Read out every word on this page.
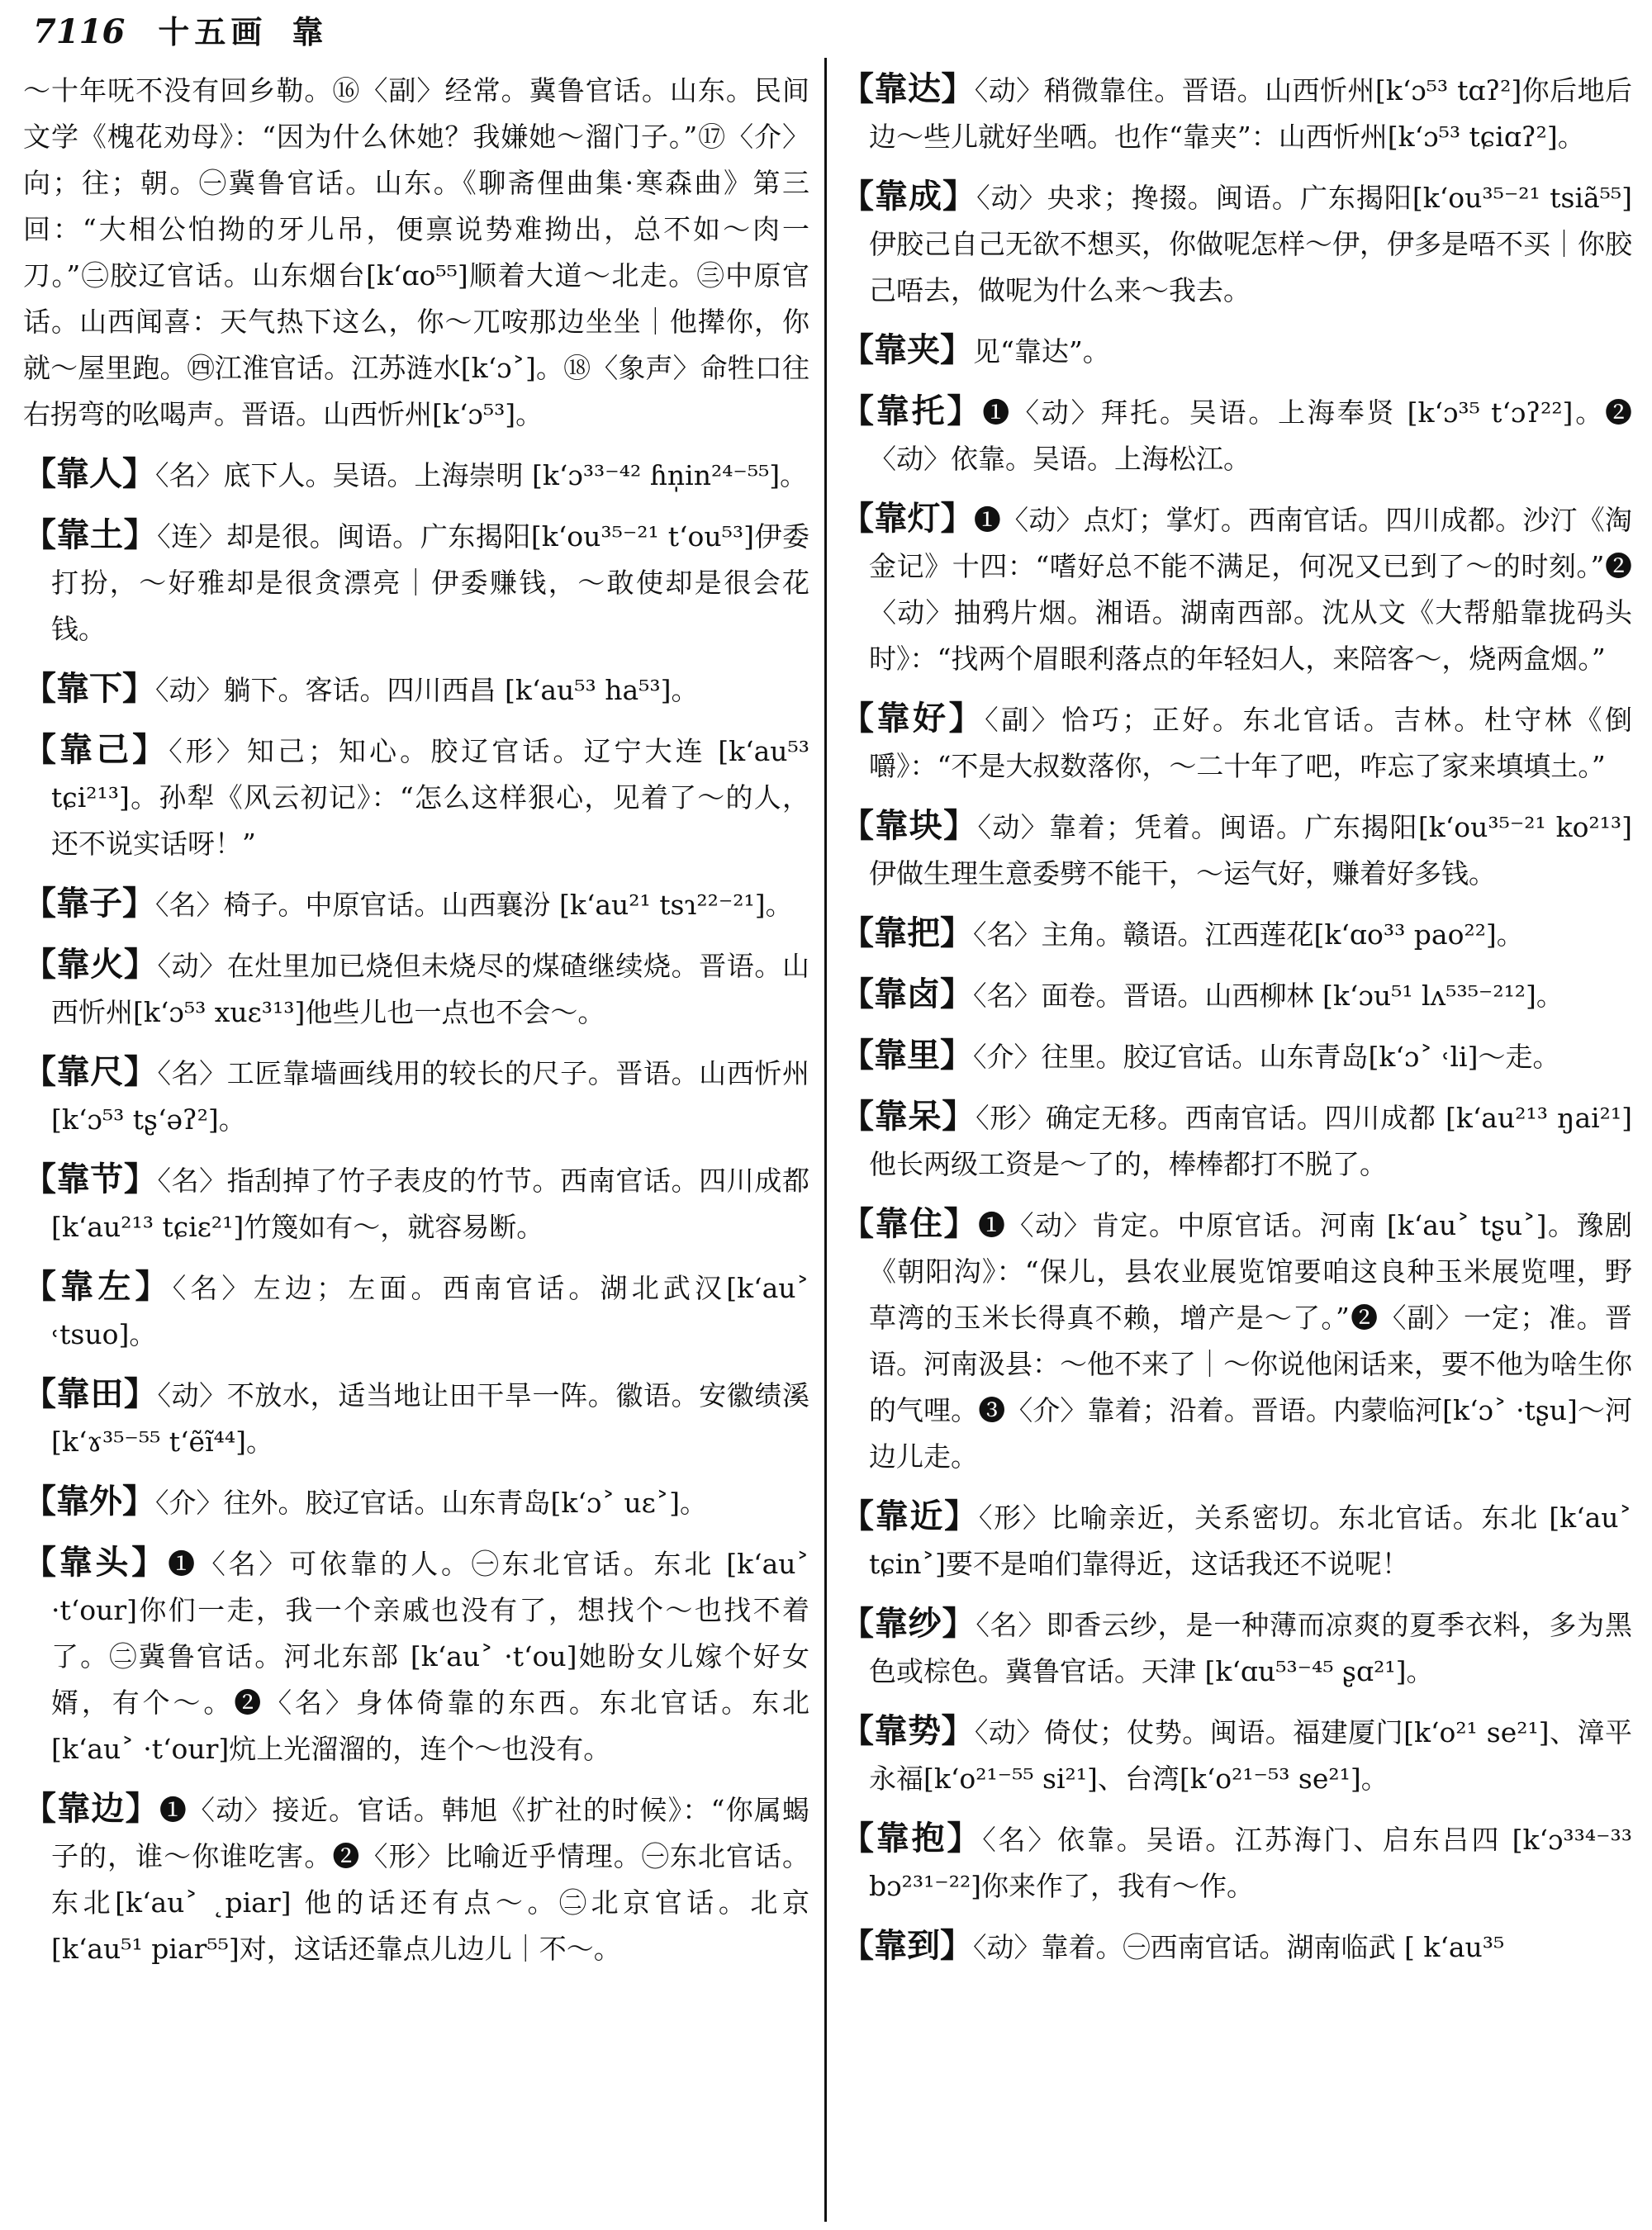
7116 十五画 靠

～十年呒不没有回乡勒。⑯〈副〉经常。冀鲁官话。山东。民间文学《槐花劝母》：“因为什么休她？我嫌她～溜门子。”⑰〈介〉向；往；朝。㊀冀鲁官话。山东。《聊斋俚曲集·寒森曲》第三回：“大相公怕拗的牙儿吊，便禀说势难拗出，总不如～肉一刀。”㊁胶辽官话。山东烟台[k‘ɑo⁵⁵]顺着大道～北走。㊂中原官话。山西闻喜：天气热下这么，你～兀咹那边坐坐｜他撵你，你就～屋里跑。㊃江淮官话。江苏涟水[k‘ɔ˃]。⑱〈象声〉命牲口往右拐弯的吆喝声。晋语。山西忻州[k‘ɔ⁵³]。

【靠人】〈名〉底下人。吴语。上海崇明 [k‘ɔ³³⁻⁴² ɦn̩in²⁴⁻⁵⁵]。

【靠土】〈连〉却是很。闽语。广东揭阳[k‘ou³⁵⁻²¹ t‘ou⁵³]伊委打扮，～好雅却是很贪漂亮｜伊委赚钱，～敢使却是很会花钱。

【靠下】〈动〉躺下。客话。四川西昌 [k‘au⁵³ ha⁵³]。

【靠己】〈形〉知己；知心。胶辽官话。辽宁大连 [k‘au⁵³ tɕi²¹³]。孙犁《风云初记》：“怎么这样狠心，见着了～的人，还不说实话呀！”

【靠子】〈名〉椅子。中原官话。山西襄汾 [k‘au²¹ tsɿ²²⁻²¹]。

【靠火】〈动〉在灶里加已烧但未烧尽的煤碴继续烧。晋语。山西忻州[k‘ɔ⁵³ xuɛ³¹³]他些儿也一点也不会～。

【靠尺】〈名〉工匠靠墙画线用的较长的尺子。晋语。山西忻州[k‘ɔ⁵³ tʂ‘əʔ²]。

【靠节】〈名〉指刮掉了竹子表皮的竹节。西南官话。四川成都[k‘au²¹³ tɕiɛ²¹]竹篾如有～，就容易断。

【靠左】〈名〉左边；左面。西南官话。湖北武汉[k‘au˃ ˓tsuo]。

【靠田】〈动〉不放水，适当地让田干旱一阵。徽语。安徽绩溪 [k‘ɤ³⁵⁻⁵⁵ t‘ẽĩ⁴⁴]。

【靠外】〈介〉往外。胶辽官话。山东青岛[k‘ɔ˃ uɛ˃]。

【靠头】❶〈名〉可依靠的人。㊀东北官话。东北 [k‘au˃ ·t‘our]你们一走，我一个亲戚也没有了，想找个～也找不着了。㊁冀鲁官话。河北东部 [k‘au˃ ·t‘ou]她盼女儿嫁个好女婿，有个～。❷〈名〉身体倚靠的东西。东北官话。东北 [k‘au˃ ·t‘our]炕上光溜溜的，连个～也没有。

【靠边】❶〈动〉接近。官话。韩旭《扩社的时候》：“你属蝎子的，谁～你谁吃害。❷〈形〉比喻近乎情理。㊀东北官话。东北[k‘au˃ ˛piar] 他的话还有点～。㊁北京官话。北京 [k‘au⁵¹ piar⁵⁵]对，这话还靠点儿边儿｜不～。

【靠达】〈动〉稍微靠住。晋语。山西忻州[k‘ɔ⁵³ tɑʔ²]你后地后边～些儿就好坐哂。也作“靠夹”：山西忻州[k‘ɔ⁵³ tɕiɑʔ²]。

【靠成】〈动〉央求；搀掇。闽语。广东揭阳[k‘ou³⁵⁻²¹ tsiã⁵⁵]伊胶己自己无欲不想买，你做呢怎样～伊，伊多是唔不买｜你胶己唔去，做呢为什么来～我去。

【靠夹】见“靠达”。

【靠托】❶〈动〉拜托。吴语。上海奉贤 [k‘ɔ³⁵ t‘ɔʔ²²]。❷〈动〉依靠。吴语。上海松江。

【靠灯】❶〈动〉点灯；掌灯。西南官话。四川成都。沙汀《淘金记》十四：“嗜好总不能不满足，何况又已到了～的时刻。”❷〈动〉抽鸦片烟。湘语。湖南西部。沈从文《大帮船靠拢码头时》：“找两个眉眼利落点的年轻妇人，来陪客～，烧两盒烟。”

【靠好】〈副〉恰巧；正好。东北官话。吉林。杜守林《倒嚼》：“不是大叔数落你，～二十年了吧，咋忘了家来填填土。”

【靠块】〈动〉靠着；凭着。闽语。广东揭阳[k‘ou³⁵⁻²¹ ko²¹³]伊做生理生意委劈不能干，～运气好，赚着好多钱。

【靠把】〈名〉主角。赣语。江西莲花[k‘ɑo³³ pao²²]。

【靠卤】〈名〉面卷。晋语。山西柳林 [k‘ɔu⁵¹ lʌ⁵³⁵⁻²¹²]。

【靠里】〈介〉往里。胶辽官话。山东青岛[k‘ɔ˃ ˓li]～走。

【靠呆】〈形〉确定无移。西南官话。四川成都 [k‘au²¹³ ŋai²¹]他长两级工资是～了的，棒棒都打不脱了。

【靠住】❶〈动〉肯定。中原官话。河南 [k‘au˃ tʂu˃]。豫剧《朝阳沟》：“保儿，县农业展览馆要咱这良种玉米展览哩，野草湾的玉米长得真不赖，增产是～了。”❷〈副〉一定；准。晋语。河南汲县：～他不来了｜～你说他闲话来，要不他为啥生你的气哩。❸〈介〉靠着；沿着。晋语。内蒙临河[k‘ɔ˃ ·tʂu]～河边儿走。

【靠近】〈形〉比喻亲近，关系密切。东北官话。东北 [k‘au˃ tɕin˃]要不是咱们靠得近，这话我还不说呢！

【靠纱】〈名〉即香云纱，是一种薄而凉爽的夏季衣料，多为黑色或棕色。冀鲁官话。天津 [k‘ɑu⁵³⁻⁴⁵ ʂɑ²¹]。

【靠势】〈动〉倚仗；仗势。闽语。福建厦门[k‘o²¹ se²¹]、漳平永福[k‘o²¹⁻⁵⁵ si²¹]、台湾[k‘o²¹⁻⁵³ se²¹]。

【靠抱】〈名〉依靠。吴语。江苏海门、启东吕四 [k‘ɔ³³⁴⁻³³ bɔ²³¹⁻²²]你来作了，我有～作。

【靠到】〈动〉靠着。㊀西南官话。湖南临武 [ k‘au³⁵
